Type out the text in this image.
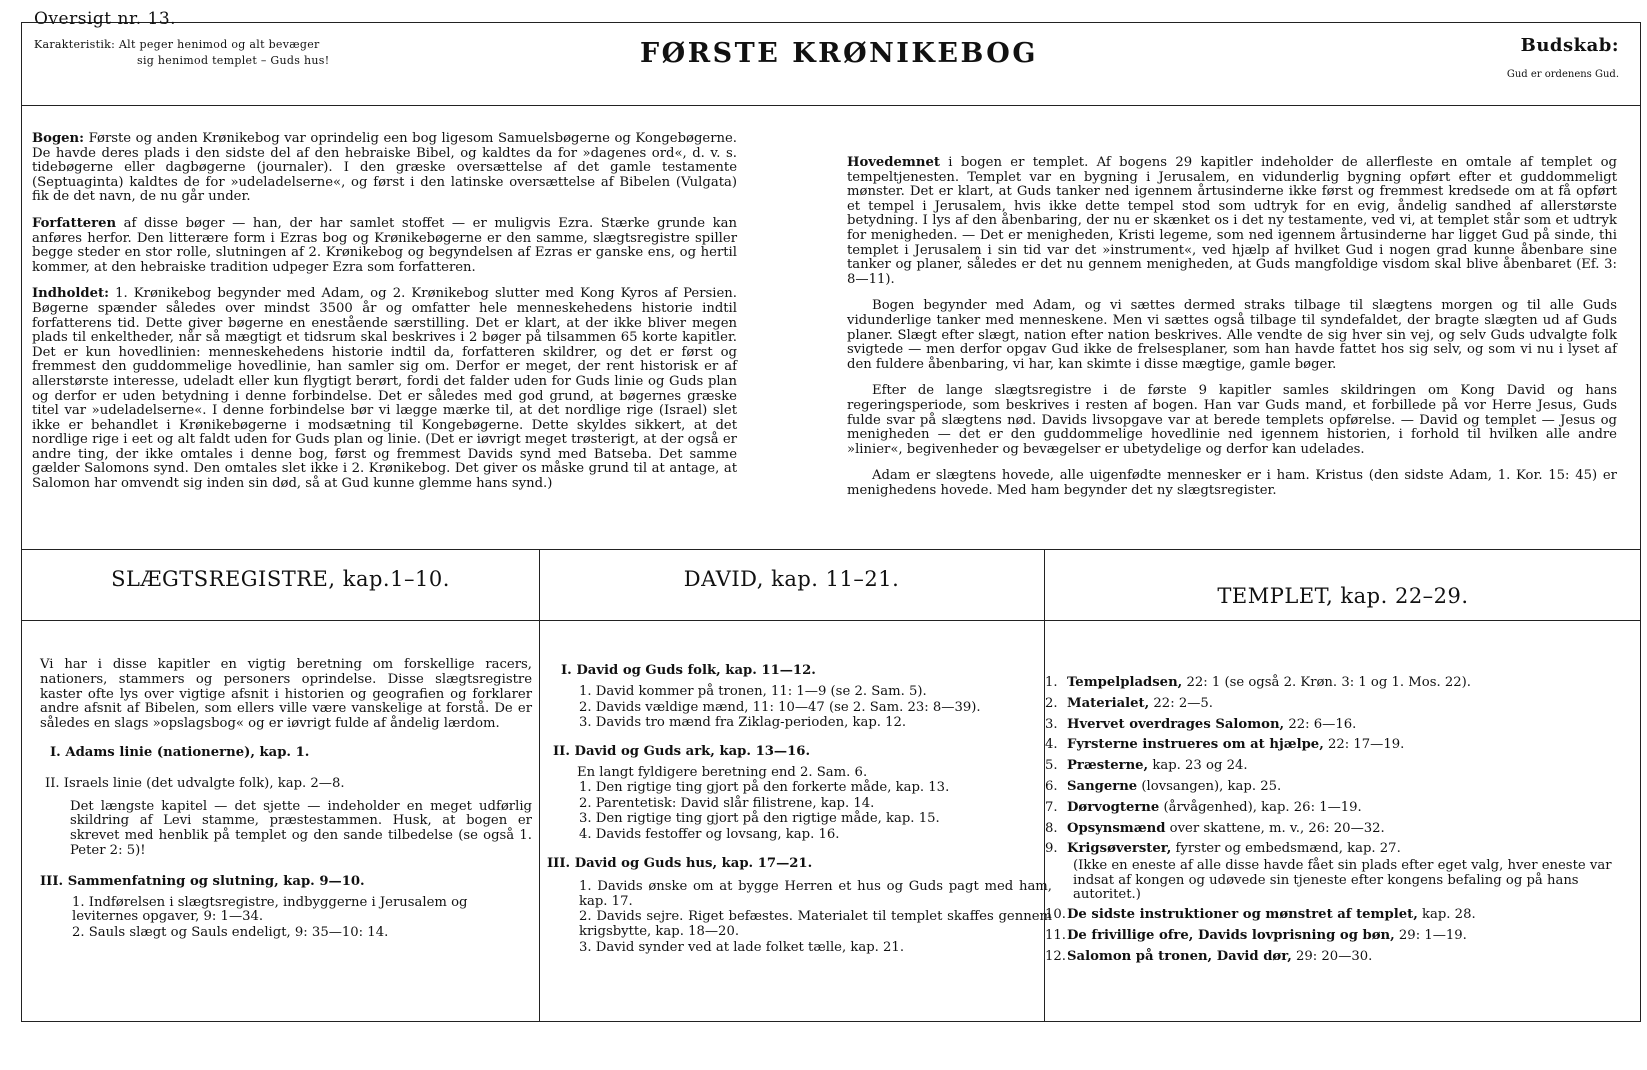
Oversigt nr. 13.
Karakteristik: Alt peger henimod og alt bevæger
sig henimod templet – Guds hus!	FØRSTE KRØNIKEBOG	Budskab:
Gud er ordenens Gud.

Bogen: Første og anden Krønikebog var oprindelig een bog ligesom Samuelsbøgerne og Kongebøgerne. De havde deres plads i den sidste del af den hebraiske Bibel, og kaldtes da for »dagenes ord«, d. v. s. tidebøgerne eller dagbøgerne (journaler). I den græske oversættelse af det gamle testamente (Septuaginta) kaldtes de for »udeladelserne«, og først i den latinske oversættelse af Bibelen (Vulgata) fik de det navn, de nu går under.

Forfatteren af disse bøger — han, der har samlet stoffet — er muligvis Ezra. Stærke grunde kan anføres herfor. Den litterære form i Ezras bog og Krønikebøgerne er den samme, slægtsregistre spiller begge steder en stor rolle, slutningen af 2. Krønikebog og begyndelsen af Ezras er ganske ens, og hertil kommer, at den hebraiske tradition udpeger Ezra som forfatteren.

Indholdet: 1. Krønikebog begynder med Adam, og 2. Krønikebog slutter med Kong Kyros af Persien. Bøgerne spænder således over mindst 3500 år og omfatter hele menneskehedens historie indtil forfatterens tid. Dette giver bøgerne en enestående særstilling. Det er klart, at der ikke bliver megen plads til enkeltheder, når så mægtigt et tidsrum skal beskrives i 2 bøger på tilsammen 65 korte kapitler. Det er kun hovedlinien: menneskehedens historie indtil da, forfatteren skildrer, og det er først og fremmest den guddommelige hovedlinie, han samler sig om. Derfor er meget, der rent historisk er af allerstørste interesse, udeladt eller kun flygtigt berørt, fordi det falder uden for Guds linie og Guds plan og derfor er uden betydning i denne forbindelse. Det er således med god grund, at bøgernes græske titel var »udeladelserne«. I denne forbindelse bør vi lægge mærke til, at det nordlige rige (Israel) slet ikke er behandlet i Krønikebøgerne i modsætning til Kongebøgerne. Dette skyldes sikkert, at det nordlige rige i eet og alt faldt uden for Guds plan og linie. (Det er iøvrigt meget trøsterigt, at der også er andre ting, der ikke omtales i denne bog, først og fremmest Davids synd med Batseba. Det samme gælder Salomons synd. Den omtales slet ikke i 2. Krønikebog. Det giver os måske grund til at antage, at Salomon har omvendt sig inden sin død, så at Gud kunne glemme hans synd.)

Hovedemnet i bogen er templet. Af bogens 29 kapitler indeholder de allerfleste en omtale af templet og tempeltjenesten. Templet var en bygning i Jerusalem, en vidunderlig bygning opført efter et guddommeligt mønster. Det er klart, at Guds tanker ned igennem årtusinderne ikke først og fremmest kredsede om at få opført et tempel i Jerusalem, hvis ikke dette tempel stod som udtryk for en evig, åndelig sandhed af allerstørste betydning. I lys af den åbenbaring, der nu er skænket os i det ny testamente, ved vi, at templet står som et udtryk for menigheden. — Det er menigheden, Kristi legeme, som ned igennem årtusinderne har ligget Gud på sinde, thi templet i Jerusalem i sin tid var det »instrument«, ved hjælp af hvilket Gud i nogen grad kunne åbenbare sine tanker og planer, således er det nu gennem menigheden, at Guds mangfoldige visdom skal blive åbenbaret (Ef. 3: 8—11).

Bogen begynder med Adam, og vi sættes dermed straks tilbage til slægtens morgen og til alle Guds vidunderlige tanker med menneskene. Men vi sættes også tilbage til syndefaldet, der bragte slægten ud af Guds planer. Slægt efter slægt, nation efter nation beskrives. Alle vendte de sig hver sin vej, og selv Guds udvalgte folk svigtede — men derfor opgav Gud ikke de frelsesplaner, som han havde fattet hos sig selv, og som vi nu i lyset af den fuldere åbenbaring, vi har, kan skimte i disse mægtige, gamle bøger.

Efter de lange slægtsregistre i de første 9 kapitler samles skildringen om Kong David og hans regeringsperiode, som beskrives i resten af bogen. Han var Guds mand, et forbillede på vor Herre Jesus, Guds fulde svar på slægtens nød. Davids livsopgave var at berede templets opførelse. — David og templet — Jesus og menigheden — det er den guddommelige hovedlinie ned igennem historien, i forhold til hvilken alle andre »linier«, begivenheder og bevægelser er ubetydelige og derfor kan udelades.

Adam er slægtens hovede, alle uigenfødte mennesker er i ham. Kristus (den sidste Adam, 1. Kor. 15: 45) er menighedens hovede. Med ham begynder det ny slægtsregister.

SLÆGTSREGISTRE, kap.1–10.	DAVID, kap. 11–21.
TEMPLET, kap. 22–29.
Vi har i disse kapitler en vigtig beretning om forskellige racers, nationers, stammers og personers oprindelse. Disse slægtsregistre kaster ofte lys over vigtige afsnit i historien og geografien og forklarer andre afsnit af Bibelen, som ellers ville være vanskelige at forstå. De er således en slags »opslagsbog« og er iøvrigt fulde af åndelig lærdom.
I. Adams linie (nationerne), kap. 1.
II. Israels linie (det udvalgte folk), kap. 2—8.
Det længste kapitel — det sjette — indeholder en meget udførlig skildring af Levi stamme, præstestammen. Husk, at bogen er skrevet med henblik på templet og den sande tilbedelse (se også 1. Peter 2: 5)!
III. Sammenfatning og slutning, kap. 9—10.
1. Indførelsen i slægtsregistre, indbyggerne i Jerusalem og leviternes opgaver, 9: 1—34.
2. Sauls slægt og Sauls endeligt, 9: 35—10: 14.
I. David og Guds folk, kap. 11—12.
1. David kommer på tronen, 11: 1—9 (se 2. Sam. 5).
2. Davids vældige mænd, 11: 10—47 (se 2. Sam. 23: 8—39).
3. Davids tro mænd fra Ziklag-perioden, kap. 12.
II. David og Guds ark, kap. 13—16.
En langt fyldigere beretning end 2. Sam. 6.
1. Den rigtige ting gjort på den forkerte måde, kap. 13.
2. Parentetisk: David slår filistrene, kap. 14.
3. Den rigtige ting gjort på den rigtige måde, kap. 15.
4. Davids festoffer og lovsang, kap. 16.
III. David og Guds hus, kap. 17—21.
1. Davids ønske om at bygge Herren et hus og Guds pagt med ham, kap. 17.
2. Davids sejre. Riget befæstes. Materialet til templet skaffes gennem krigsbytte, kap. 18—20.
3. David synder ved at lade folket tælle, kap. 21.
1. Tempelpladsen, 22: 1 (se også 2. Krøn. 3: 1 og 1. Mos. 22).
2. Materialet, 22: 2—5.
3. Hvervet overdrages Salomon, 22: 6—16.
4. Fyrsterne instrueres om at hjælpe, 22: 17—19.
5. Præsterne, kap. 23 og 24.
6. Sangerne (lovsangen), kap. 25.
7. Dørvogterne (årvågenhed), kap. 26: 1—19.
8. Opsynsmænd over skattene, m. v., 26: 20—32.
9. Krigsøverster, fyrster og embedsmænd, kap. 27.
(Ikke en eneste af alle disse havde fået sin plads efter eget valg, hver eneste var indsat af kongen og udøvede sin tjeneste efter kongens befaling og på hans autoritet.)
10.De sidste instruktioner og mønstret af templet, kap. 28.
11.De frivillige ofre, Davids lovprisning og bøn, 29: 1—19.
12.Salomon på tronen, David dør, 29: 20—30.
